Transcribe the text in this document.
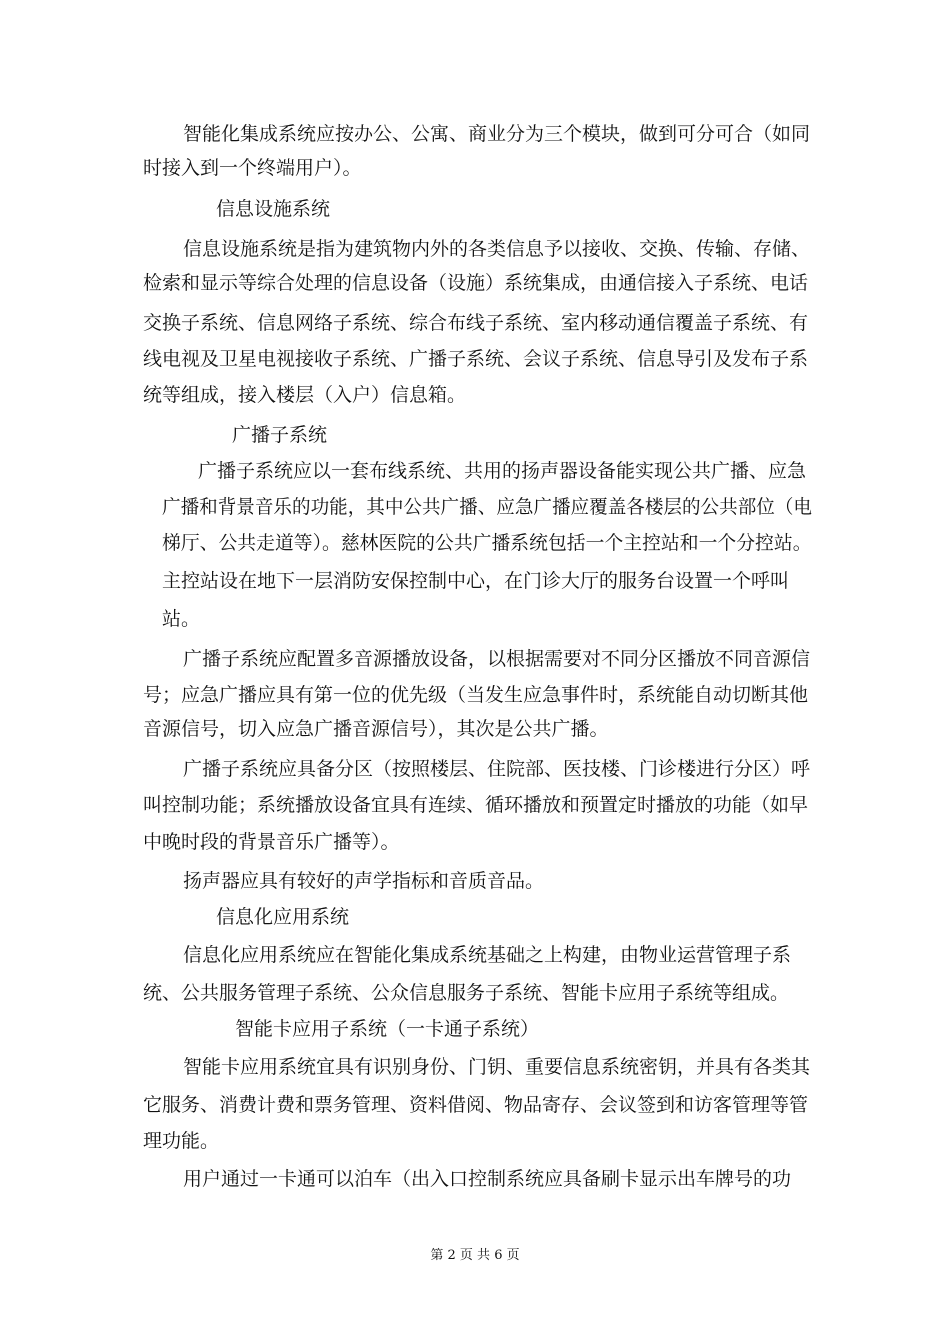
智能化集成系统应按办公、公寓、商业分为三个模块，做到可分可合（如同
时接入到一个终端用户）。
信息设施系统
信息设施系统是指为建筑物内外的各类信息予以接收、交换、传输、存储、
检索和显示等综合处理的信息设备（设施）系统集成，由通信接入子系统、电话
交换子系统、信息网络子系统、综合布线子系统、室内移动通信覆盖子系统、有
线电视及卫星电视接收子系统、广播子系统、会议子系统、信息导引及发布子系
统等组成，接入楼层（入户）信息箱。
广播子系统
广播子系统应以一套布线系统、共用的扬声器设备能实现公共广播、应急
广播和背景音乐的功能，其中公共广播、应急广播应覆盖各楼层的公共部位（电
梯厅、公共走道等）。慈林医院的公共广播系统包括一个主控站和一个分控站。
主控站设在地下一层消防安保控制中心，在门诊大厅的服务台设置一个呼叫
站。
广播子系统应配置多音源播放设备，以根据需要对不同分区播放不同音源信
号；应急广播应具有第一位的优先级（当发生应急事件时，系统能自动切断其他
音源信号，切入应急广播音源信号），其次是公共广播。
广播子系统应具备分区（按照楼层、住院部、医技楼、门诊楼进行分区）呼
叫控制功能；系统播放设备宜具有连续、循环播放和预置定时播放的功能（如早
中晚时段的背景音乐广播等）。
扬声器应具有较好的声学指标和音质音品。
信息化应用系统
信息化应用系统应在智能化集成系统基础之上构建，由物业运营管理子系
统、公共服务管理子系统、公众信息服务子系统、智能卡应用子系统等组成。
智能卡应用子系统（一卡通子系统）
智能卡应用系统宜具有识别身份、门钥、重要信息系统密钥，并具有各类其
它服务、消费计费和票务管理、资料借阅、物品寄存、会议签到和访客管理等管
理功能。
用户通过一卡通可以泊车（出入口控制系统应具备刷卡显示出车牌号的功
第 2 页 共 6 页
